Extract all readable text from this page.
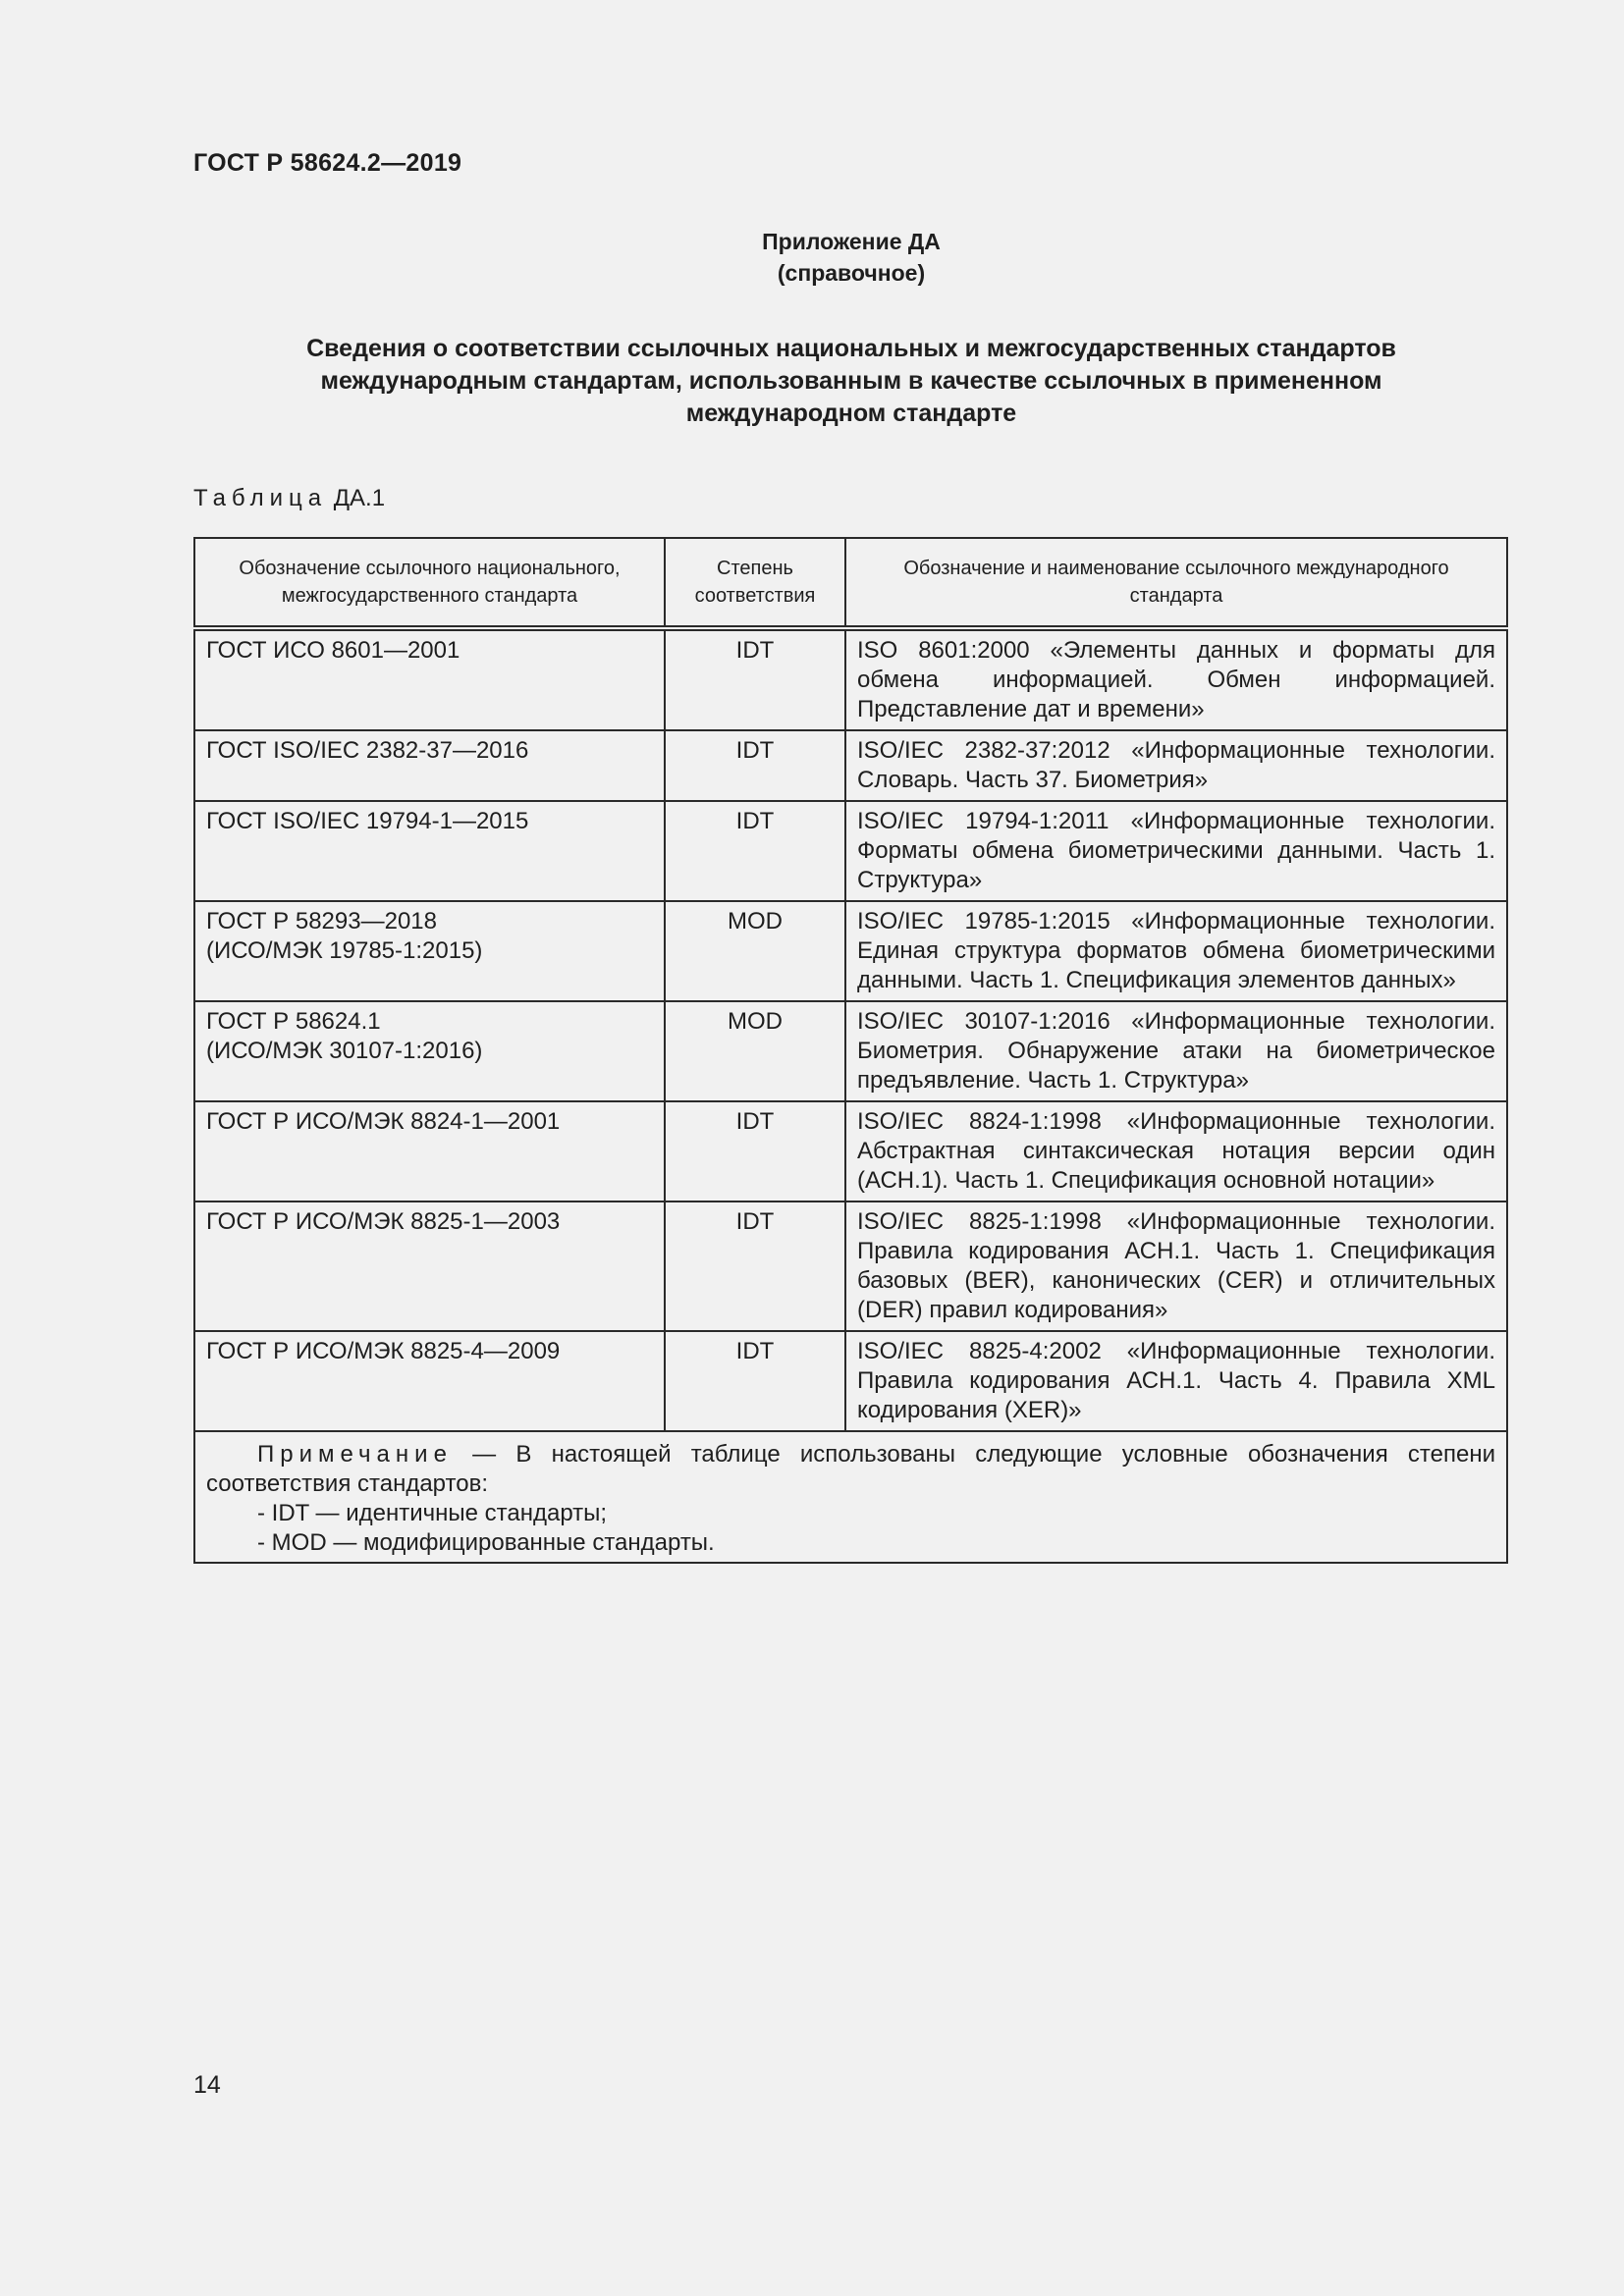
ГОСТ Р 58624.2—2019
Приложение ДА
(справочное)
Сведения о соответствии ссылочных национальных и межгосударственных стандартов
международным стандартам, использованным в качестве ссылочных в примененном
международном стандарте
Таблица ДА.1
Обозначение ссылочного национального, межгосударственного стандарта	Степень соответствия	Обозначение и наименование ссылочного международного стандарта
ГОСТ ИСО 8601—2001	IDT	ISO 8601:2000 «Элементы данных и форматы для обмена информацией. Обмен информацией. Представление дат и времени»
ГОСТ ISO/IEC 2382-37—2016	IDT	ISO/IEC 2382-37:2012 «Информационные технологии. Словарь. Часть 37. Биометрия»
ГОСТ ISO/IEC 19794-1—2015	IDT	ISO/IEC 19794-1:2011 «Информационные технологии. Форматы обмена биометрическими данными. Часть 1. Структура»
ГОСТ Р 58293—2018
(ИСО/МЭК 19785-1:2015)	MOD	ISO/IEC 19785-1:2015 «Информационные технологии. Единая структура форматов обмена биометрическими данными. Часть 1. Спецификация элементов данных»
ГОСТ Р 58624.1
(ИСО/МЭК 30107-1:2016)	MOD	ISO/IEC 30107-1:2016 «Информационные технологии. Биометрия. Обнаружение атаки на биометрическое предъявление. Часть 1. Структура»
ГОСТ Р ИСО/МЭК 8824-1—2001	IDT	ISO/IEC 8824-1:1998 «Информационные технологии. Абстрактная синтаксическая нотация версии один (АСН.1). Часть 1. Спецификация основной нотации»
ГОСТ Р ИСО/МЭК 8825-1—2003	IDT	ISO/IEC 8825-1:1998 «Информационные технологии. Правила кодирования АСН.1. Часть 1. Спецификация базовых (BER), канонических (CER) и отличительных (DER) правил кодирования»
ГОСТ Р ИСО/МЭК 8825-4—2009	IDT	ISO/IEC 8825-4:2002 «Информационные технологии. Правила кодирования АСН.1. Часть 4. Правила XML кодирования (XER)»

Примечание — В настоящей таблице использованы следующие условные обозначения степени соответствия стандартов:
- IDT — идентичные стандарты;
- MOD — модифицированные стандарты.		
14
